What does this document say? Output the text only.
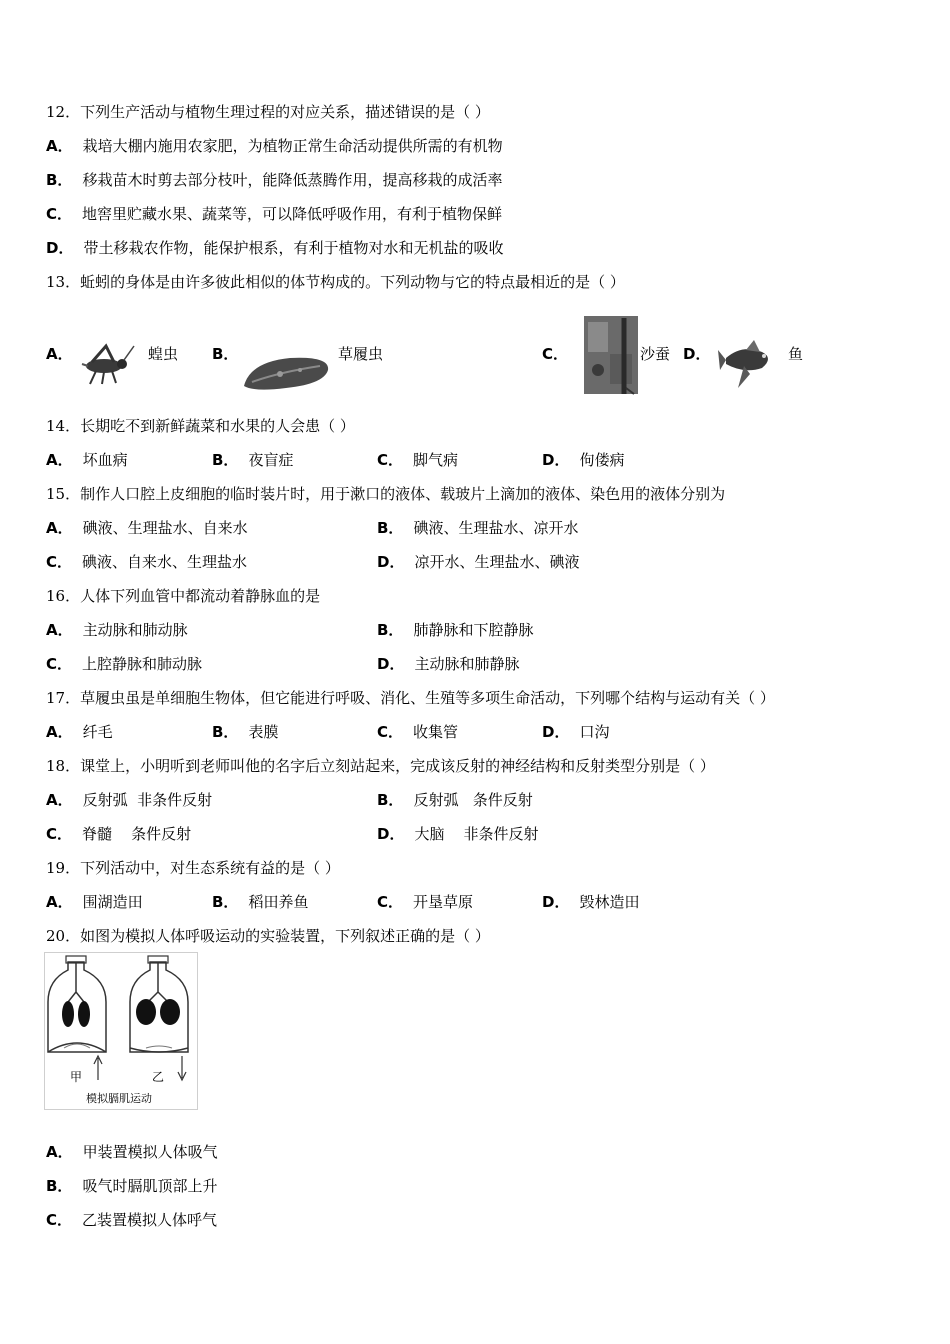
12．下列生产活动与植物生理过程的对应关系，描述错误的是（ ）
A． 栽培大棚内施用农家肥，为植物正常生命活动提供所需的有机物
B． 移栽苗木时剪去部分枝叶，能降低蒸腾作用，提高移栽的成活率
C． 地窖里贮藏水果、蔬菜等，可以降低呼吸作用，有利于植物保鲜
D． 带土移栽农作物，能保护根系，有利于植物对水和无机盐的吸收
13．蚯蚓的身体是由许多彼此相似的体节构成的。下列动物与它的特点最相近的是（ ）
A．	蝗虫 B．	草履虫	C．	沙蚕 D．	鱼
14．长期吃不到新鲜蔬菜和水果的人会患（ ）
A． 坏血病	B． 夜盲症	C． 脚气病	D． 佝偻病
15．制作人口腔上皮细胞的临时装片时，用于漱口的液体、载玻片上滴加的液体、染色用的液体分别为
A． 碘液、生理盐水、自来水	B． 碘液、生理盐水、凉开水
C． 碘液、自来水、生理盐水	D． 凉开水、生理盐水、碘液
16．人体下列血管中都流动着静脉血的是
A． 主动脉和肺动脉	B． 肺静脉和下腔静脉
C． 上腔静脉和肺动脉	D． 主动脉和肺静脉
17．草履虫虽是单细胞生物体，但它能进行呼吸、消化、生殖等多项生命活动，下列哪个结构与运动有关（ ）
A． 纤毛	B． 表膜	C． 收集管	D． 口沟
18．课堂上，小明听到老师叫他的名字后立刻站起来，完成该反射的神经结构和反射类型分别是（ ）
A． 反射弧  非条件反射	B． 反射弧   条件反射
C． 脊髓    条件反射	D． 大脑    非条件反射
19．下列活动中，对生态系统有益的是（ ）
A． 围湖造田	B． 稻田养鱼	C． 开垦草原	D． 毁林造田
20．如图为模拟人体呼吸运动的实验装置，下列叙述正确的是（ ）
甲	乙
模拟膈肌运动
A． 甲装置模拟人体吸气
B． 吸气时膈肌顶部上升
C． 乙装置模拟人体呼气
